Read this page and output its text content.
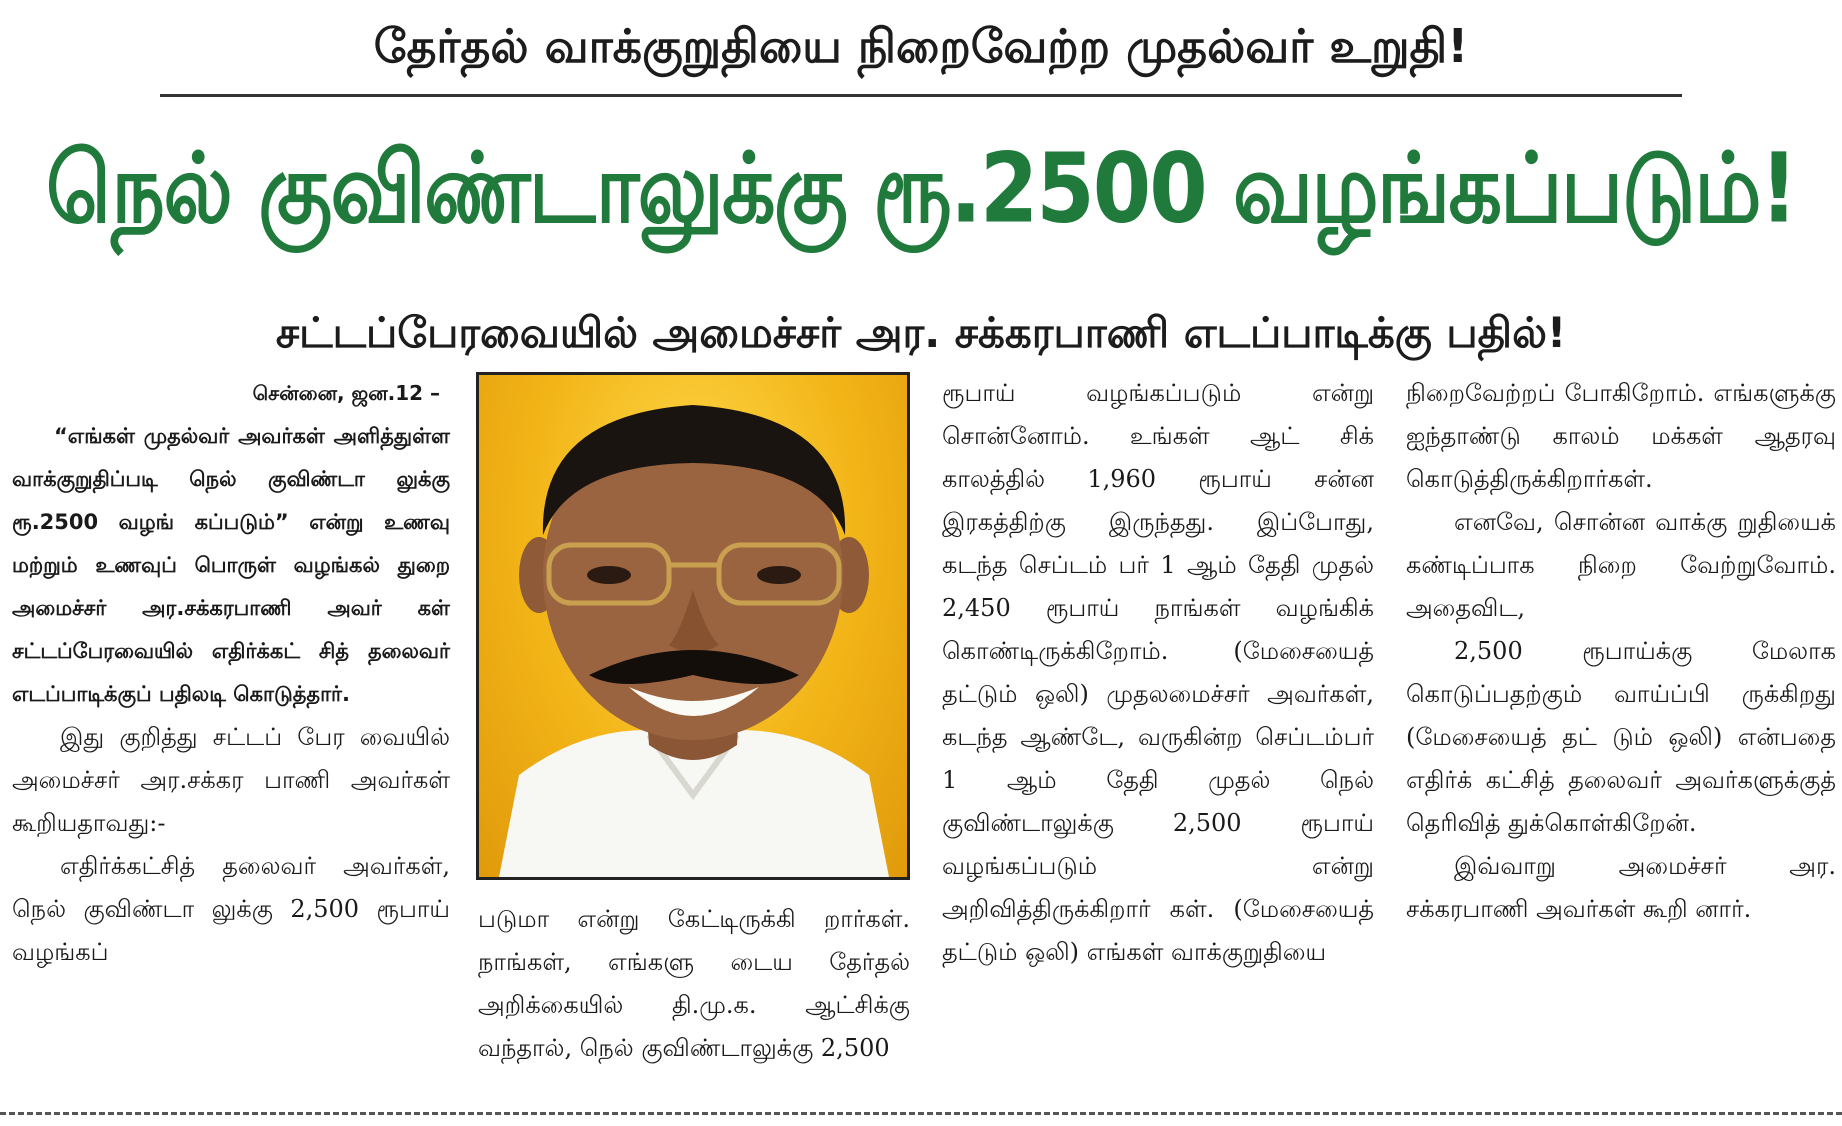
தேர்தல் வாக்குறுதியை நிறைவேற்ற முதல்வர் உறுதி!
நெல் குவிண்டாலுக்கு ரூ.2500 வழங்கப்படும்!
சட்டப்பேரவையில் அமைச்சர் அர. சக்கரபாணி எடப்பாடிக்கு பதில்!

சென்னை, ஜன.12 –

“எங்கள் முதல்வர் அவர்கள் அளித்துள்ள வாக்குறுதிப்படி நெல் குவிண்டா லுக்கு ரூ.2500 வழங் கப்படும்” என்று உணவு மற்றும் உணவுப் பொருள் வழங்கல் துறை அமைச்சர் அர.சக்கரபாணி அவர் கள் சட்டப்பேரவையில் எதிர்க்கட் சித் தலைவர் எடப்பாடிக்குப் பதிலடி கொடுத்தார்.

இது குறித்து சட்டப் பேர வையில் அமைச்சர் அர.சக்கர பாணி அவர்கள் கூறியதாவது:-

எதிர்க்கட்சித் தலைவர் அவர்கள், நெல் குவிண்டா லுக்கு 2,500 ரூபாய் வழங்கப்

படுமா என்று கேட்டிருக்கி றார்கள். நாங்கள், எங்களு டைய தேர்தல் அறிக்கையில் தி.மு.க. ஆட்சிக்கு வந்தால், நெல் குவிண்டாலுக்கு 2,500

ரூபாய் வழங்கப்படும் என்று சொன்னோம். உங்கள் ஆட் சிக் காலத்தில் 1,960 ரூபாய் சன்ன இரகத்திற்கு இருந்தது. இப்போது, கடந்த செப்டம் பர் 1 ஆம் தேதி முதல் 2,450 ரூபாய் நாங்கள் வழங்கிக் கொண்டிருக்கிறோம். (மேசையைத் தட்டும் ஒலி) முதலமைச்சர் அவர்கள், கடந்த ஆண்டே, வருகின்ற செப்டம்பர் 1 ஆம் தேதி முதல் நெல் குவிண்டாலுக்கு 2,500 ரூபாய் வழங்கப்படும் என்று அறிவித்திருக்கிறார் கள். (மேசையைத் தட்டும் ஒலி) எங்கள் வாக்குறுதியை

நிறைவேற்றப் போகிறோம். எங்களுக்கு ஐந்தாண்டு காலம் மக்கள் ஆதரவு கொடுத்திருக்கிறார்கள்.

எனவே, சொன்ன வாக்கு றுதியைக் கண்டிப்பாக நிறை வேற்றுவோம். அதைவிட,

2,500 ரூபாய்க்கு மேலாக கொடுப்பதற்கும் வாய்ப்பி ருக்கிறது (மேசையைத் தட் டும் ஒலி) என்பதை எதிர்க் கட்சித் தலைவர் அவர்களுக்குத் தெரிவித் துக்கொள்கிறேன்.

இவ்வாறு அமைச்சர் அர. சக்கரபாணி அவர்கள் கூறி னார்.
